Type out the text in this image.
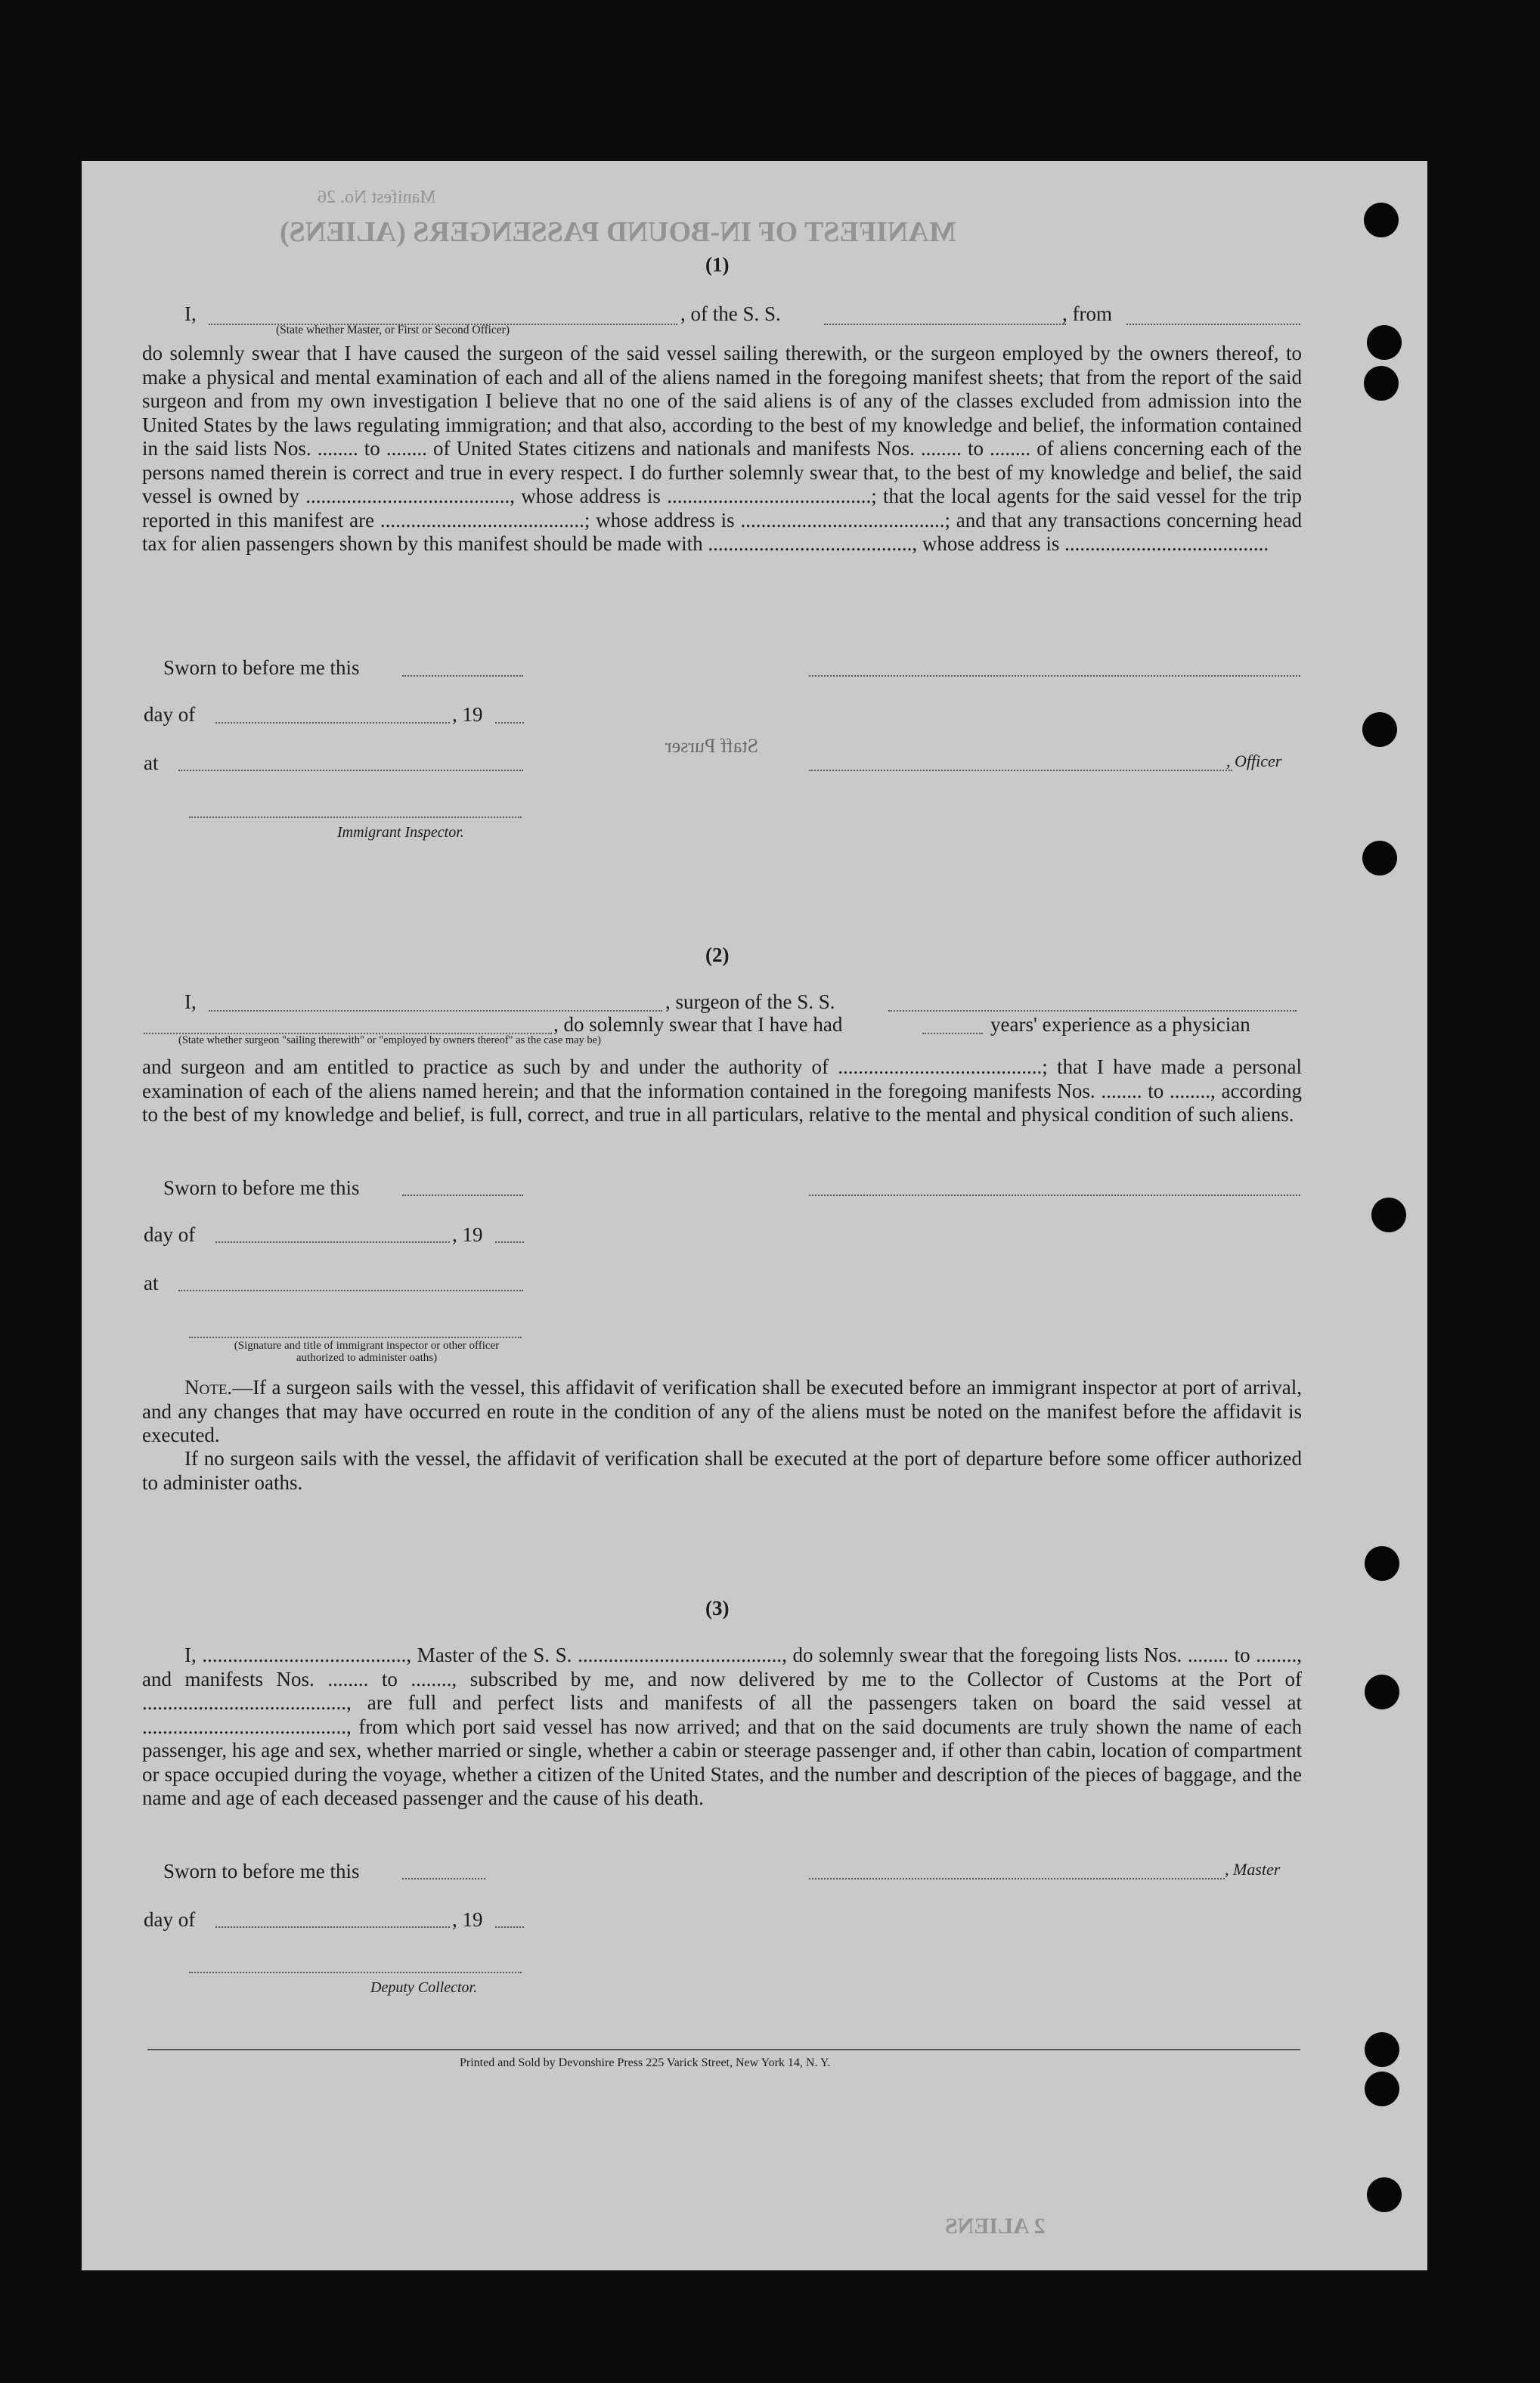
MANIFEST OF IN-BOUND PASSENGERS (ALIENS)
Manifest No. 26
2 ALIENS
(1)
I,	, of the S. S.	, from
(State whether Master, or First or Second Officer)
do solemnly swear that I have caused the surgeon of the said vessel sailing therewith, or the surgeon employed by the owners thereof, to make a physical and mental examination of each and all of the aliens named in the foregoing manifest sheets; that from the report of the said surgeon and from my own investigation I believe that no one of the said aliens is of any of the classes excluded from admission into the United States by the laws regulating immigration; and that also, according to the best of my knowledge and belief, the information contained in the said lists Nos. ........ to ........ of United States citizens and nationals and manifests Nos. ........ to ........ of aliens concerning each of the persons named therein is correct and true in every respect. I do further solemnly swear that, to the best of my knowledge and belief, the said vessel is owned by ........................................, whose address is ........................................; that the local agents for the said vessel for the trip reported in this manifest are ........................................; whose address is ........................................; and that any transactions concerning head tax for alien passengers shown by this manifest should be made with ........................................, whose address is ........................................
Sworn to before me this
day of	, 19
Staff Purser
at	, Officer
Immigrant Inspector.
(2)
I,	, surgeon of the S. S.
, do solemnly swear that I have had	years' experience as a physician
(State whether surgeon "sailing therewith" or "employed by owners thereof" as the case may be)
and surgeon and am entitled to practice as such by and under the authority of ........................................; that I have made a personal examination of each of the aliens named herein; and that the information contained in the foregoing manifests Nos. ........ to ........, according to the best of my knowledge and belief, is full, correct, and true in all particulars, relative to the mental and physical condition of such aliens.
Sworn to before me this
day of	, 19
at
(Signature and title of immigrant inspector or other officer authorized to administer oaths)
Note.—If a surgeon sails with the vessel, this affidavit of verification shall be executed before an immigrant inspector at port of arrival, and any changes that may have occurred en route in the condition of any of the aliens must be noted on the manifest before the affidavit is executed.
If no surgeon sails with the vessel, the affidavit of verification shall be executed at the port of departure before some officer authorized to administer oaths.
(3)
I, ........................................, Master of the S. S. ........................................, do solemnly swear that the foregoing lists Nos. ........ to ........, and manifests Nos. ........ to ........, subscribed by me, and now delivered by me to the Collector of Customs at the Port of ........................................, are full and perfect lists and manifests of all the passengers taken on board the said vessel at ........................................, from which port said vessel has now arrived; and that on the said documents are truly shown the name of each passenger, his age and sex, whether married or single, whether a cabin or steerage passenger and, if other than cabin, location of compartment or space occupied during the voyage, whether a citizen of the United States, and the number and description of the pieces of baggage, and the name and age of each deceased passenger and the cause of his death.
Sworn to before me this	, Master
day of	, 19
Deputy Collector.
Printed and Sold by Devonshire Press 225 Varick Street, New York 14, N. Y.
